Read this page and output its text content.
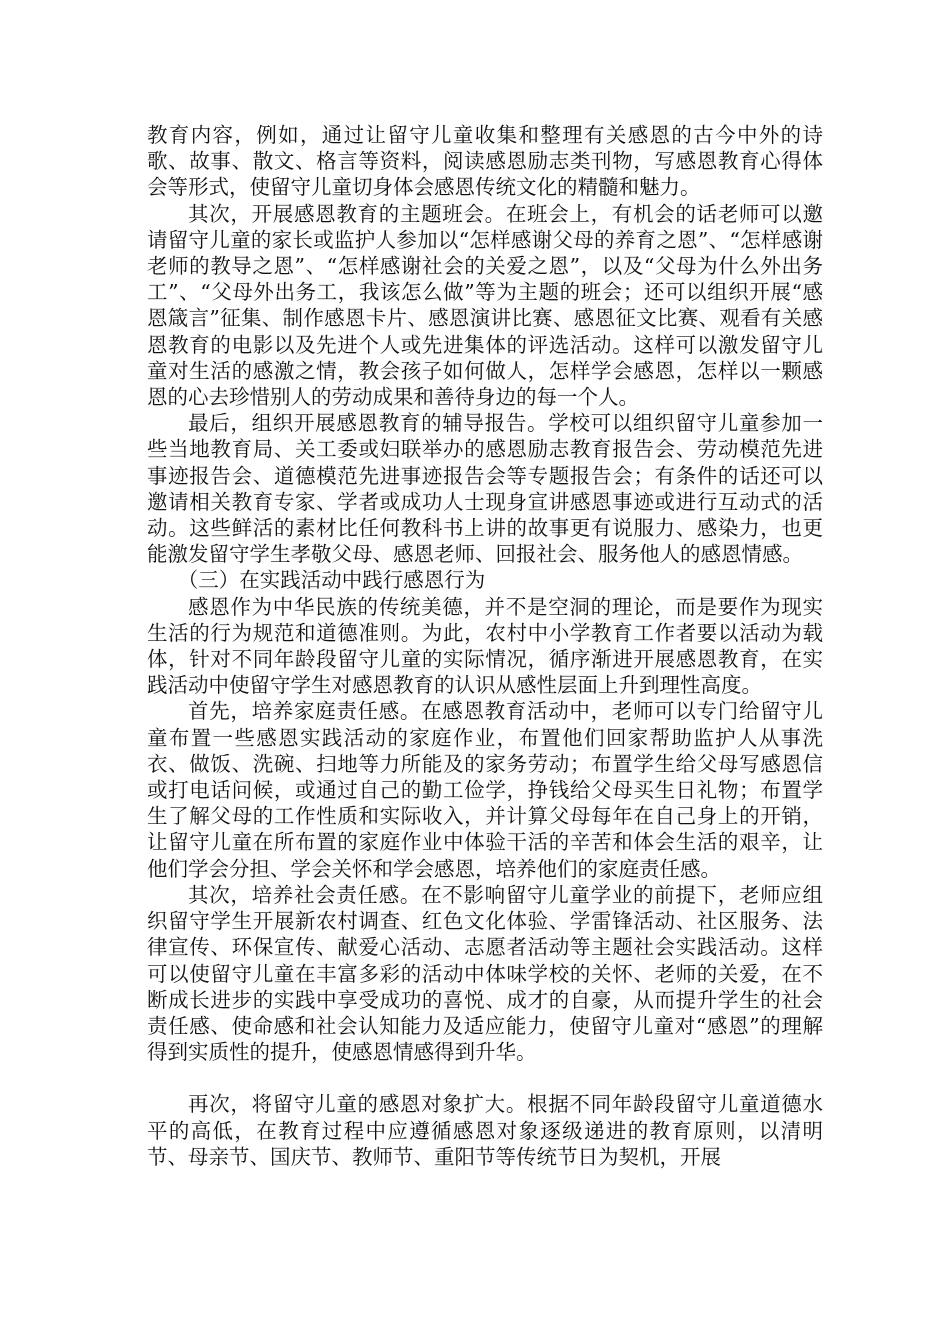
教育内容，例如，通过让留守儿童收集和整理有关感恩的古今中外的诗歌、故事、散文、格言等资料，阅读感恩励志类刊物，写感恩教育心得体会等形式，使留守儿童切身体会感恩传统文化的精髓和魅力。

其次，开展感恩教育的主题班会。在班会上，有机会的话老师可以邀请留守儿童的家长或监护人参加以“怎样感谢父母的养育之恩”、“怎样感谢老师的教导之恩”、“怎样感谢社会的关爱之恩”，以及“父母为什么外出务工”、“父母外出务工，我该怎么做”等为主题的班会；还可以组织开展“感恩箴言”征集、制作感恩卡片、感恩演讲比赛、感恩征文比赛、观看有关感恩教育的电影以及先进个人或先进集体的评选活动。这样可以激发留守儿童对生活的感激之情，教会孩子如何做人，怎样学会感恩，怎样以一颗感恩的心去珍惜别人的劳动成果和善待身边的每一个人。

最后，组织开展感恩教育的辅导报告。学校可以组织留守儿童参加一些当地教育局、关工委或妇联举办的感恩励志教育报告会、劳动模范先进事迹报告会、道德模范先进事迹报告会等专题报告会；有条件的话还可以邀请相关教育专家、学者或成功人士现身宣讲感恩事迹或进行互动式的活动。这些鲜活的素材比任何教科书上讲的故事更有说服力、感染力，也更能激发留守学生孝敬父母、感恩老师、回报社会、服务他人的感恩情感。

（三）在实践活动中践行感恩行为

感恩作为中华民族的传统美德，并不是空洞的理论，而是要作为现实生活的行为规范和道德准则。为此，农村中小学教育工作者要以活动为载体，针对不同年龄段留守儿童的实际情况，循序渐进开展感恩教育，在实践活动中使留守学生对感恩教育的认识从感性层面上升到理性高度。

首先，培养家庭责任感。在感恩教育活动中，老师可以专门给留守儿童布置一些感恩实践活动的家庭作业，布置他们回家帮助监护人从事洗衣、做饭、洗碗、扫地等力所能及的家务劳动；布置学生给父母写感恩信或打电话问候，或通过自己的勤工俭学，挣钱给父母买生日礼物；布置学生了解父母的工作性质和实际收入，并计算父母每年在自己身上的开销，让留守儿童在所布置的家庭作业中体验干活的辛苦和体会生活的艰辛，让他们学会分担、学会关怀和学会感恩，培养他们的家庭责任感。

其次，培养社会责任感。在不影响留守儿童学业的前提下，老师应组织留守学生开展新农村调查、红色文化体验、学雷锋活动、社区服务、法律宣传、环保宣传、献爱心活动、志愿者活动等主题社会实践活动。这样可以使留守儿童在丰富多彩的活动中体味学校的关怀、老师的关爱，在不断成长进步的实践中享受成功的喜悦、成才的自豪，从而提升学生的社会责任感、使命感和社会认知能力及适应能力，使留守儿童对“感恩”的理解得到实质性的提升，使感恩情感得到升华。

再次，将留守儿童的感恩对象扩大。根据不同年龄段留守儿童道德水平的高低，在教育过程中应遵循感恩对象逐级递进的教育原则，以清明节、母亲节、国庆节、教师节、重阳节等传统节日为契机，开展
